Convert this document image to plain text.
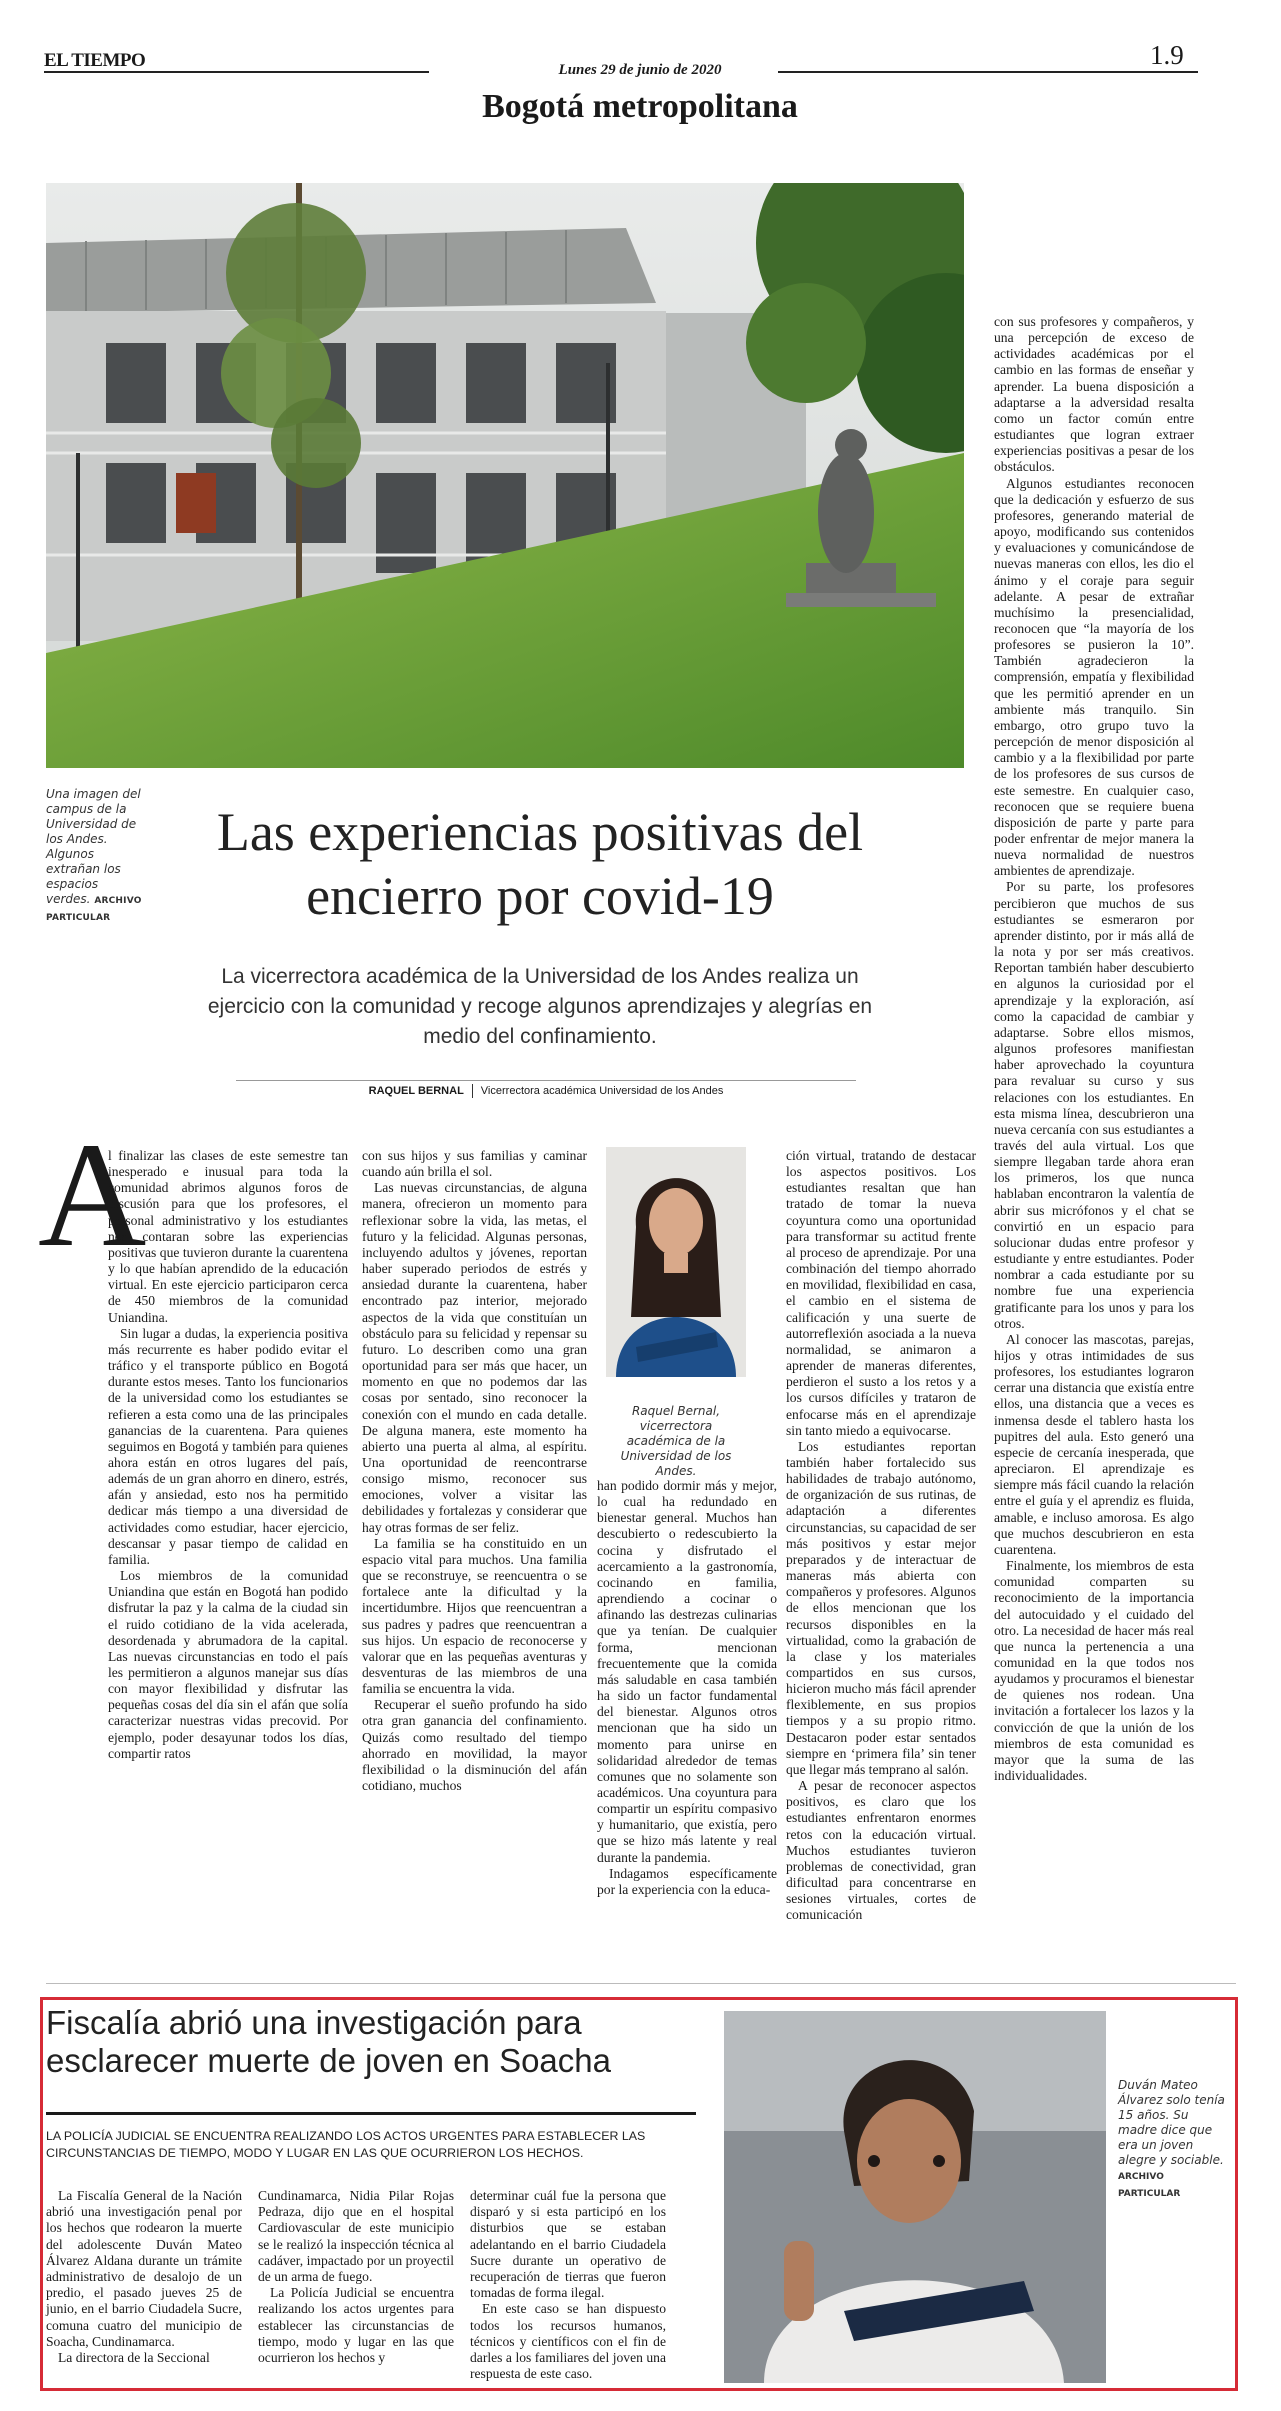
EL TIEMPO	Lunes 29 de junio de 2020	1.9
Bogotá metropolitana
Una imagen del campus de la Universidad de los Andes. Algunos extrañan los espacios verdes. ARCHIVO PARTICULAR
Las experiencias positivas del encierro por covid-19
La vicerrectora académica de la Universidad de los Andes realiza un ejercicio con la comunidad y recoge algunos aprendizajes y alegrías en medio del confinamiento.
RAQUEL BERNAL Vicerrectora académica Universidad de los Andes
A

l finalizar las clases de este semestre tan inesperado e inusual para toda la comunidad abrimos algunos foros de discusión para que los profesores, el personal administrativo y los estudiantes nos contaran sobre las experiencias positivas que tuvieron durante la cuarentena y lo que habían aprendido de la educación virtual. En este ejercicio participaron cerca de 450 miembros de la comunidad Uniandina.

Sin lugar a dudas, la experiencia positiva más recurrente es haber podido evitar el tráfico y el transporte público en Bogotá durante estos meses. Tanto los funcionarios de la universidad como los estudiantes se refieren a esta como una de las principales ganancias de la cuarentena. Para quienes seguimos en Bogotá y también para quienes ahora están en otros lugares del país, además de un gran ahorro en dinero, estrés, afán y ansiedad, esto nos ha permitido dedicar más tiempo a una diversidad de actividades como estudiar, hacer ejercicio, descansar y pasar tiempo de calidad en familia.

Los miembros de la comunidad Uniandina que están en Bogotá han podido disfrutar la paz y la calma de la ciudad sin el ruido cotidiano de la vida acelerada, desordenada y abrumadora de la capital. Las nuevas circunstancias en todo el país les permitieron a algunos manejar sus días con mayor flexibilidad y disfrutar las pequeñas cosas del día sin el afán que solía caracterizar nuestras vidas precovid. Por ejemplo, poder desayunar todos los días, compartir ratos

con sus hijos y sus familias y caminar cuando aún brilla el sol.

Las nuevas circunstancias, de alguna manera, ofrecieron un momento para reflexionar sobre la vida, las metas, el futuro y la felicidad. Algunas personas, incluyendo adultos y jóvenes, reportan haber superado periodos de estrés y ansiedad durante la cuarentena, haber encontrado paz interior, mejorado aspectos de la vida que constituían un obstáculo para su felicidad y repensar su futuro. Lo describen como una gran oportunidad para ser más que hacer, un momento en que no podemos dar las cosas por sentado, sino reconocer la conexión con el mundo en cada detalle. De alguna manera, este momento ha abierto una puerta al alma, al espíritu. Una oportunidad de reencontrarse consigo mismo, reconocer sus emociones, volver a visitar las debilidades y fortalezas y considerar que hay otras formas de ser feliz.

La familia se ha constituido en un espacio vital para muchos. Una familia que se reconstruye, se reencuentra o se fortalece ante la dificultad y la incertidumbre. Hijos que reencuentran a sus padres y padres que reencuentran a sus hijos. Un espacio de reconocerse y valorar que en las pequeñas aventuras y desventuras de las miembros de una familia se encuentra la vida.

Recuperar el sueño profundo ha sido otra gran ganancia del confinamiento. Quizás como resultado del tiempo ahorrado en movilidad, la mayor flexibilidad o la disminución del afán cotidiano, muchos

Raquel Bernal, vicerrectora académica de la Universidad de los Andes.

han podido dormir más y mejor, lo cual ha redundado en bienestar general. Muchos han descubierto o redescubierto la cocina y disfrutado el acercamiento a la gastronomía, cocinando en familia, aprendiendo a cocinar o afinando las destrezas culinarias que ya tenían. De cualquier forma, mencionan frecuentemente que la comida más saludable en casa también ha sido un factor fundamental del bienestar. Algunos otros mencionan que ha sido un momento para unirse en solidaridad alrededor de temas comunes que no solamente son académicos. Una coyuntura para compartir un espíritu compasivo y humanitario, que existía, pero que se hizo más latente y real durante la pandemia.

Indagamos específicamente por la experiencia con la educa-

ción virtual, tratando de destacar los aspectos positivos. Los estudiantes resaltan que han tratado de tomar la nueva coyuntura como una oportunidad para transformar su actitud frente al proceso de aprendizaje. Por una combinación del tiempo ahorrado en movilidad, flexibilidad en casa, el cambio en el sistema de calificación y una suerte de autorreflexión asociada a la nueva normalidad, se animaron a aprender de maneras diferentes, perdieron el susto a los retos y a los cursos difíciles y trataron de enfocarse más en el aprendizaje sin tanto miedo a equivocarse.

Los estudiantes reportan también haber fortalecido sus habilidades de trabajo autónomo, de organización de sus rutinas, de adaptación a diferentes circunstancias, su capacidad de ser más positivos y estar mejor preparados y de interactuar de maneras más abierta con compañeros y profesores. Algunos de ellos mencionan que los recursos disponibles en la virtualidad, como la grabación de la clase y los materiales compartidos en sus cursos, hicieron mucho más fácil aprender flexiblemente, en sus propios tiempos y a su propio ritmo. Destacaron poder estar sentados siempre en ‘primera fila’ sin tener que llegar más temprano al salón.

A pesar de reconocer aspectos positivos, es claro que los estudiantes enfrentaron enormes retos con la educación virtual. Muchos estudiantes tuvieron problemas de conectividad, gran dificultad para concentrarse en sesiones virtuales, cortes de comunicación

con sus profesores y compañeros, y una percepción de exceso de actividades académicas por el cambio en las formas de enseñar y aprender. La buena disposición a adaptarse a la adversidad resalta como un factor común entre estudiantes que logran extraer experiencias positivas a pesar de los obstáculos.

Algunos estudiantes reconocen que la dedicación y esfuerzo de sus profesores, generando material de apoyo, modificando sus contenidos y evaluaciones y comunicándose de nuevas maneras con ellos, les dio el ánimo y el coraje para seguir adelante. A pesar de extrañar muchísimo la presencialidad, reconocen que “la mayoría de los profesores se pusieron la 10”. También agradecieron la comprensión, empatía y flexibilidad que les permitió aprender en un ambiente más tranquilo. Sin embargo, otro grupo tuvo la percepción de menor disposición al cambio y a la flexibilidad por parte de los profesores de sus cursos de este semestre. En cualquier caso, reconocen que se requiere buena disposición de parte y parte para poder enfrentar de mejor manera la nueva normalidad de nuestros ambientes de aprendizaje.

Por su parte, los profesores percibieron que muchos de sus estudiantes se esmeraron por aprender distinto, por ir más allá de la nota y por ser más creativos. Reportan también haber descubierto en algunos la curiosidad por el aprendizaje y la exploración, así como la capacidad de cambiar y adaptarse. Sobre ellos mismos, algunos profesores manifiestan haber aprovechado la coyuntura para revaluar su curso y sus relaciones con los estudiantes. En esta misma línea, descubrieron una nueva cercanía con sus estudiantes a través del aula virtual. Los que siempre llegaban tarde ahora eran los primeros, los que nunca hablaban encontraron la valentía de abrir sus micrófonos y el chat se convirtió en un espacio para solucionar dudas entre profesor y estudiante y entre estudiantes. Poder nombrar a cada estudiante por su nombre fue una experiencia gratificante para los unos y para los otros.

Al conocer las mascotas, parejas, hijos y otras intimidades de sus profesores, los estudiantes lograron cerrar una distancia que existía entre ellos, una distancia que a veces es inmensa desde el tablero hasta los pupitres del aula. Esto generó una especie de cercanía inesperada, que apreciaron. El aprendizaje es siempre más fácil cuando la relación entre el guía y el aprendiz es fluida, amable, e incluso amorosa. Es algo que muchos descubrieron en esta cuarentena.

Finalmente, los miembros de esta comunidad comparten su reconocimiento de la importancia del autocuidado y el cuidado del otro. La necesidad de hacer más real que nunca la pertenencia a una comunidad en la que todos nos ayudamos y procuramos el bienestar de quienes nos rodean. Una invitación a fortalecer los lazos y la convicción de que la unión de los miembros de esta comunidad es mayor que la suma de las individualidades.

Fiscalía abrió una investigación para esclarecer muerte de joven en Soacha
LA POLICÍA JUDICIAL SE ENCUENTRA REALIZANDO LOS ACTOS URGENTES PARA ESTABLECER LAS CIRCUNSTANCIAS DE TIEMPO, MODO Y LUGAR EN LAS QUE OCURRIERON LOS HECHOS.

La Fiscalía General de la Nación abrió una investigación penal por los hechos que rodearon la muerte del adolescente Duván Mateo Álvarez Aldana durante un trámite administrativo de desalojo de un predio, el pasado jueves 25 de junio, en el barrio Ciudadela Sucre, comuna cuatro del municipio de Soacha, Cundinamarca.

La directora de la Seccional

Cundinamarca, Nidia Pilar Rojas Pedraza, dijo que en el hospital Cardiovascular de este municipio se le realizó la inspección técnica al cadáver, impactado por un proyectil de un arma de fuego.

La Policía Judicial se encuentra realizando los actos urgentes para establecer las circunstancias de tiempo, modo y lugar en las que ocurrieron los hechos y

determinar cuál fue la persona que disparó y si esta participó en los disturbios que se estaban adelantando en el barrio Ciudadela Sucre durante un operativo de recuperación de tierras que fueron tomadas de forma ilegal.

En este caso se han dispuesto todos los recursos humanos, técnicos y científicos con el fin de darles a los familiares del joven una respuesta de este caso.

Duván Mateo Álvarez solo tenía 15 años. Su madre dice que era un joven alegre y sociable. ARCHIVO PARTICULAR
